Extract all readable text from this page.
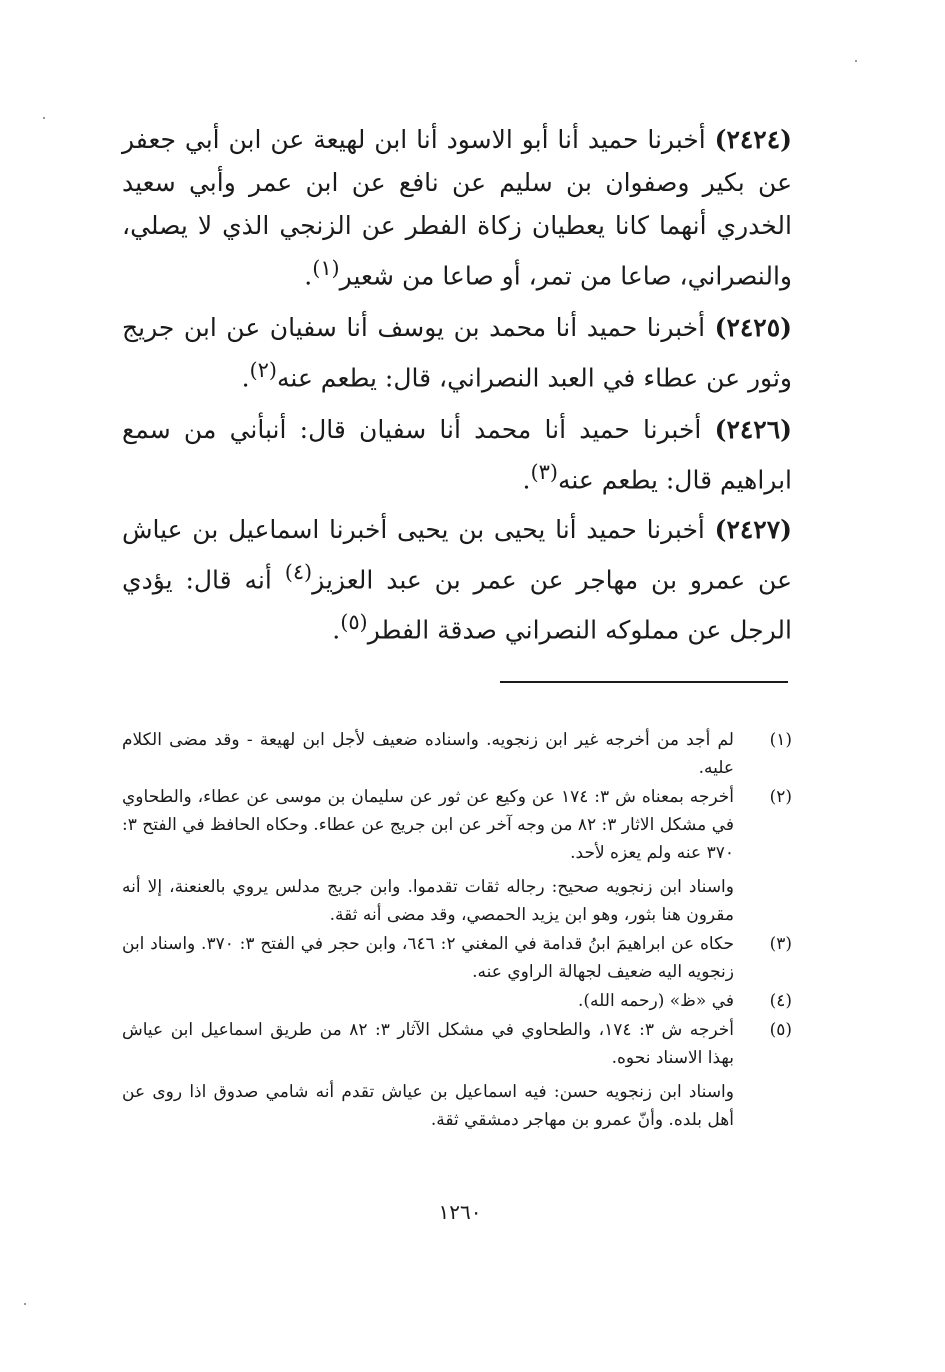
(٢٤٢٤) أخبرنا حميد أنا أبو الاسود أنا ابن لهيعة عن ابن أبي جعفر عن بكير وصفوان بن سليم عن نافع عن ابن عمر وأبي سعيد الخدري أنهما كانا يعطيان زكاة الفطر عن الزنجي الذي لا يصلي، والنصراني، صاعا من تمر، أو صاعا من شعير$^{(١)}$.
(٢٤٢٥) أخبرنا حميد أنا محمد بن يوسف أنا سفيان عن ابن جريج وثور عن عطاء في العبد النصراني، قال: يطعم عنه$^{(٢)}$.
(٢٤٢٦) أخبرنا حميد أنا محمد أنا سفيان قال: أنبأني من سمع ابراهيم قال: يطعم عنه$^{(٣)}$.
(٢٤٢٧) أخبرنا حميد أنا يحيى بن يحيى أخبرنا اسماعيل بن عياش عن عمرو بن مهاجر عن عمر بن عبد العزيز$^{(٤)}$ أنه قال: يؤدي الرجل عن مملوكه النصراني صدقة الفطر$^{(٥)}$.
(١)

لم أجد من أخرجه غير ابن زنجويه. واسناده ضعيف لأجل ابن لهيعة - وقد مضى الكلام عليه.

(٢)

أخرجه بمعناه ش ٣: ١٧٤ عن وكيع عن ثور عن سليمان بن موسى عن عطاء، والطحاوي في مشكل الاثار ٣: ٨٢ من وجه آخر عن ابن جريج عن عطاء. وحكاه الحافظ في الفتح ٣: ٣٧٠ عنه ولم يعزه لأحد.

واسناد ابن زنجويه صحيح: رجاله ثقات تقدموا. وابن جريج مدلس يروي بالعنعنة، إلا أنه مقرون هنا بثور، وهو ابن يزيد الحمصي، وقد مضى أنه ثقة.

(٣)

حكاه عن ابراهيمَ ابنُ قدامة في المغني ٢: ٦٤٦، وابن حجر في الفتح ٣: ٣٧٠. واسناد ابن زنجويه اليه ضعيف لجهالة الراوي عنه.

(٤)

في «ظ» (رحمه الله).

(٥)

أخرجه ش ٣: ١٧٤، والطحاوي في مشكل الآثار ٣: ٨٢ من طريق اسماعيل ابن عياش بهذا الاسناد نحوه.

واسناد ابن زنجويه حسن: فيه اسماعيل بن عياش تقدم أنه شامي صدوق اذا روى عن أهل بلده. وأنّ عمرو بن مهاجر دمشقي ثقة.

١٢٦٠
